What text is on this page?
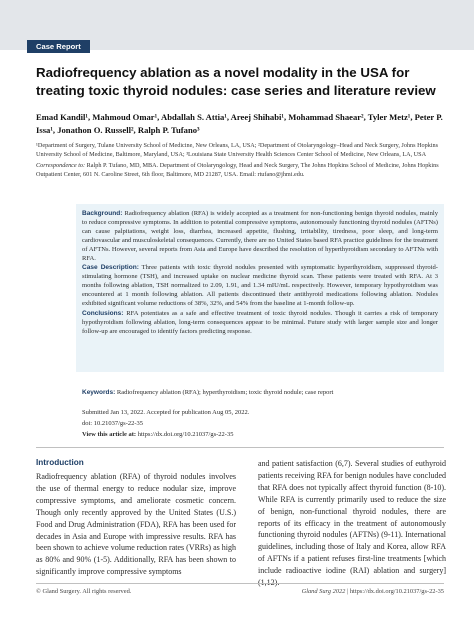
Case Report
Radiofrequency ablation as a novel modality in the USA for treating toxic thyroid nodules: case series and literature review

Emad Kandil¹, Mahmoud Omar¹, Abdallah S. Attia¹, Areej Shihabi¹, Mohammad Shaear², Tyler Metz¹, Peter P. Issa¹, Jonathon O. Russell², Ralph P. Tufano³

¹Department of Surgery, Tulane University School of Medicine, New Orleans, LA, USA; ²Department of Otolaryngology–Head and Neck Surgery, Johns Hopkins University School of Medicine, Baltimore, Maryland, USA; ³Louisiana State University Health Sciences Center School of Medicine, New Orleans, LA, USA

Correspondence to: Ralph P. Tufano, MD, MBA. Department of Otolaryngology, Head and Neck Surgery, The Johns Hopkins School of Medicine, Johns Hopkins Outpatient Center, 601 N. Caroline Street, 6th floor, Baltimore, MD 21287, USA. Email: rtufano@jhmi.edu.

Background: Radiofrequency ablation (RFA) is widely accepted as a treatment for non-functioning benign thyroid nodules, mainly to reduce compressive symptoms. In addition to potential compressive symptoms, autonomously functioning thyroid nodules (AFTNs) can cause palpitations, weight loss, diarrhea, increased appetite, flushing, irritability, tiredness, poor sleep, and long-term cardiovascular and musculoskeletal consequences. Currently, there are no United States based RFA practice guidelines for the treatment of AFTNs. However, several reports from Asia and Europe have described the resolution of hyperthyroidism secondary to AFTNs with RFA.

Case Description: Three patients with toxic thyroid nodules presented with symptomatic hyperthyroidism, suppressed thyroid-stimulating hormone (TSH), and increased uptake on nuclear medicine thyroid scan. These patients were treated with RFA. At 3 months following ablation, TSH normalized to 2.09, 1.91, and 1.34 mIU/mL respectively. However, temporary hypothyroidism was encountered at 1 month following ablation. All patients discontinued their antithyroid medications following ablation. Nodules exhibited significant volume reductions of 38%, 32%, and 54% from the baseline at 1-month follow-up.

Conclusions: RFA potentiates as a safe and effective treatment of toxic thyroid nodules. Though it carries a risk of temporary hypothyroidism following ablation, long-term consequences appear to be minimal. Future study with larger sample size and longer follow-up are encouraged to identify factors predicting response.

Keywords: Radiofrequency ablation (RFA); hyperthyroidism; toxic thyroid nodule; case report

Submitted Jan 13, 2022. Accepted for publication Aug 05, 2022.

doi: 10.21037/gs-22-35

View this article at: https://dx.doi.org/10.21037/gs-22-35

Introduction

Radiofrequency ablation (RFA) of thyroid nodules involves the use of thermal energy to reduce nodular size, improve compressive symptoms, and ameliorate cosmetic concern. Though only recently approved by the United States (U.S.) Food and Drug Administration (FDA), RFA has been used for decades in Asia and Europe with impressive results. RFA has been shown to achieve volume reduction rates (VRRs) as high as 80% and 90% (1-5). Additionally, RFA has been shown to significantly improve compressive symptoms

and patient satisfaction (6,7). Several studies of euthyroid patients receiving RFA for benign nodules have concluded that RFA does not typically affect thyroid function (8-10). While RFA is currently primarily used to reduce the size of benign, non-functional thyroid nodules, there are reports of its efficacy in the treatment of autonomously functioning thyroid nodules (AFTNs) (9-11). International guidelines, including those of Italy and Korea, allow RFA of AFTNs if a patient refuses first-line treatments [which include radioactive iodine (RAI) ablation and surgery] (1,12).

© Gland Surgery. All rights reserved.	Gland Surg 2022 | https://dx.doi.org/10.21037/gs-22-35
